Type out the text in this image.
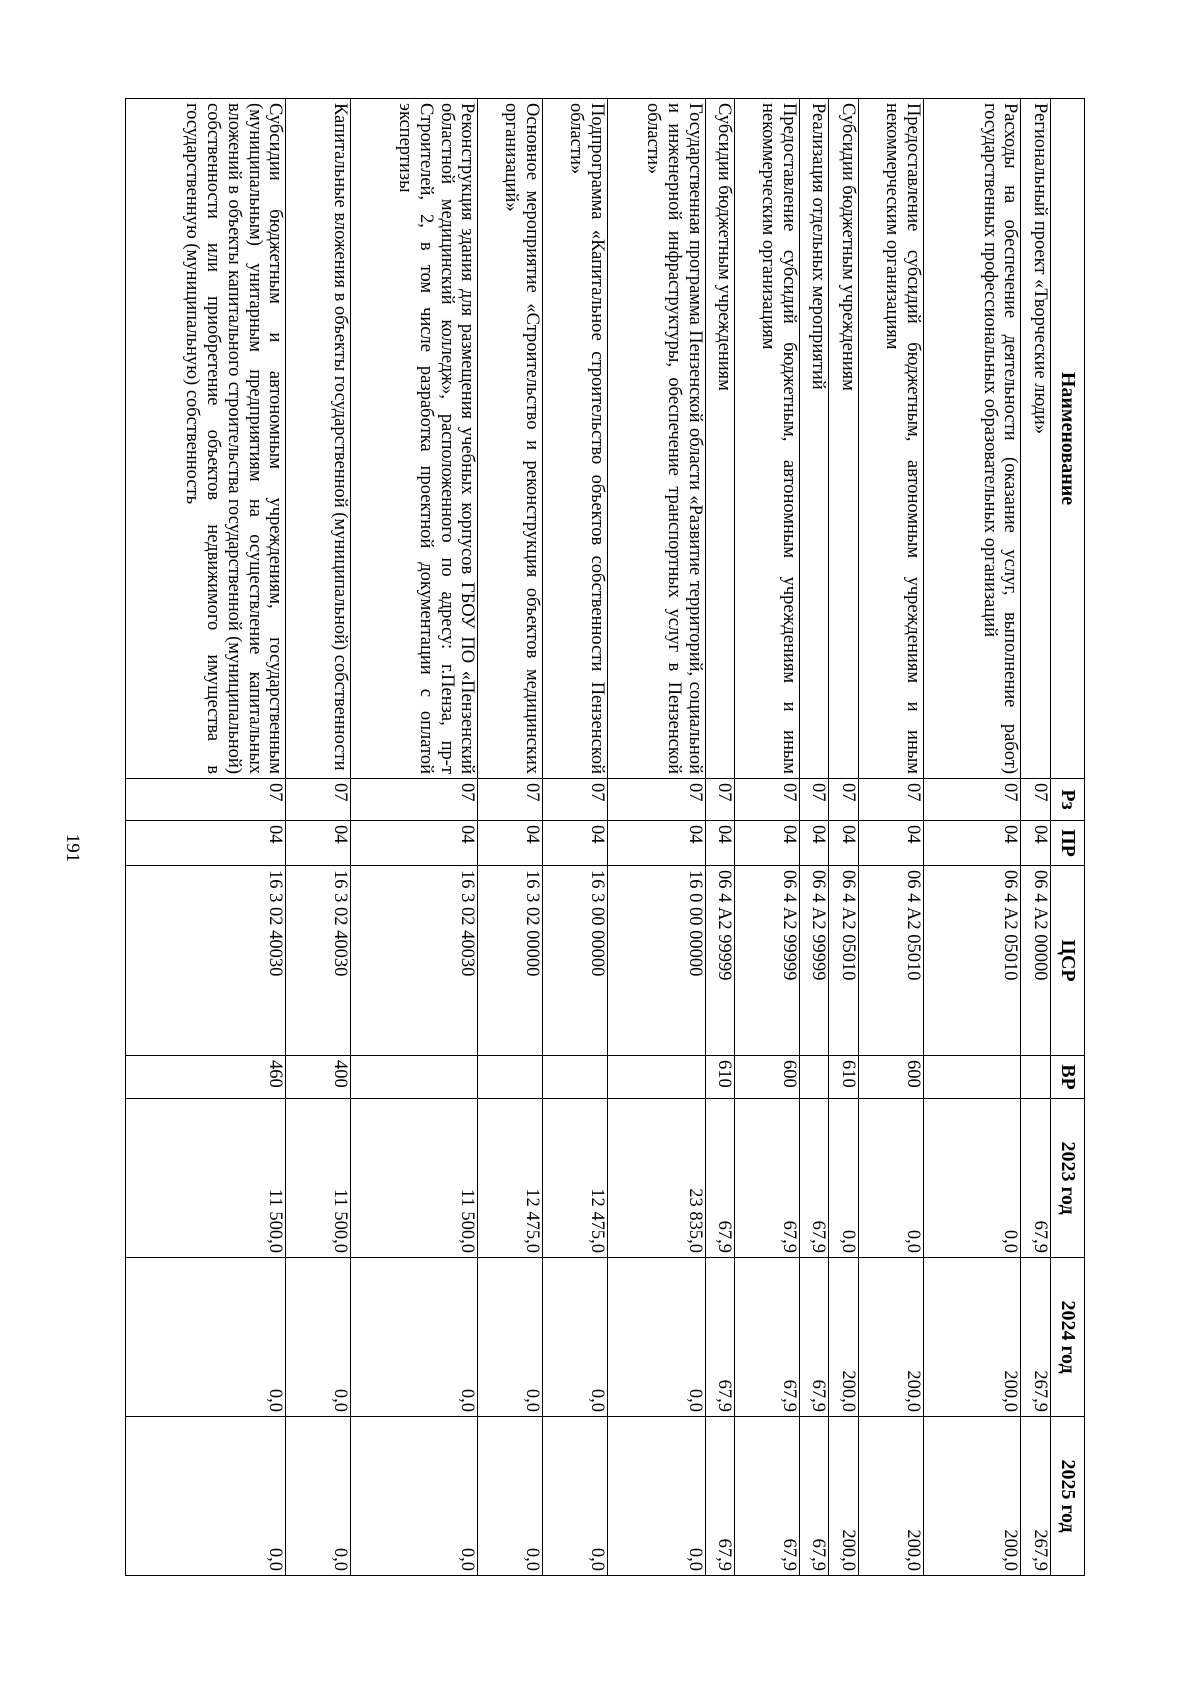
191
Наименование	Рз	ПР	ЦСР	ВР	2023 год	2024 год	2025 год
Региональный проект «Творческие люди»	07	04	06 4 А2 00000		67,9	267,9	267,9
Расходы на обеспечение деятельности (оказание услуг, выполнение работ) государственных профессиональных образовательных организаций	07	04	06 4 А2 05010		0,0	200,0	200,0
Предоставление субсидий бюджетным, автономным учреждениям и иным некоммерческим организациям	07	04	06 4 А2 05010	600	0,0	200,0	200,0
Субсидии бюджетным учреждениям	07	04	06 4 А2 05010	610	0,0	200,0	200,0
Реализация отдельных мероприятий	07	04	06 4 А2 99999		67,9	67,9	67,9
Предоставление субсидий бюджетным, автономным учреждениям и иным некоммерческим организациям	07	04	06 4 А2 99999	600	67,9	67,9	67,9
Субсидии бюджетным учреждениям	07	04	06 4 А2 99999	610	67,9	67,9	67,9
Государственная программа Пензенской области «Развитие территорий, социальной и инженерной инфраструктуры, обеспечение транспортных услуг в Пензенской области»	07	04	16 0 00 00000		23 835,0	0,0	0,0
Подпрограмма «Капитальное строительство объектов собственности Пензенской области»	07	04	16 3 00 00000		12 475,0	0,0	0,0
Основное мероприятие «Строительство и реконструкция объектов медицинских организаций»	07	04	16 3 02 00000		12 475,0	0,0	0,0
Реконструкция здания для размещения учебных корпусов ГБОУ ПО «Пензенский областной медицинский колледж», расположенного по адресу: г.Пенза, пр-т Строителей, 2, в том числе разработка проектной документации с оплатой экспертизы	07	04	16 3 02 40030		11 500,0	0,0	0,0
Капитальные вложения в объекты государственной (муниципальной) собственности	07	04	16 3 02 40030	400	11 500,0	0,0	0,0
Субсидии бюджетным и автономным учреждениям, государственным (муниципальным) унитарным предприятиям на осуществление капитальных вложений в объекты капитального строительства государственной (муниципальной) собственности или приобретение объектов недвижимого имущества в государственную (муниципальную) собственность	07	04	16 3 02 40030	460	11 500,0	0,0	0,0
